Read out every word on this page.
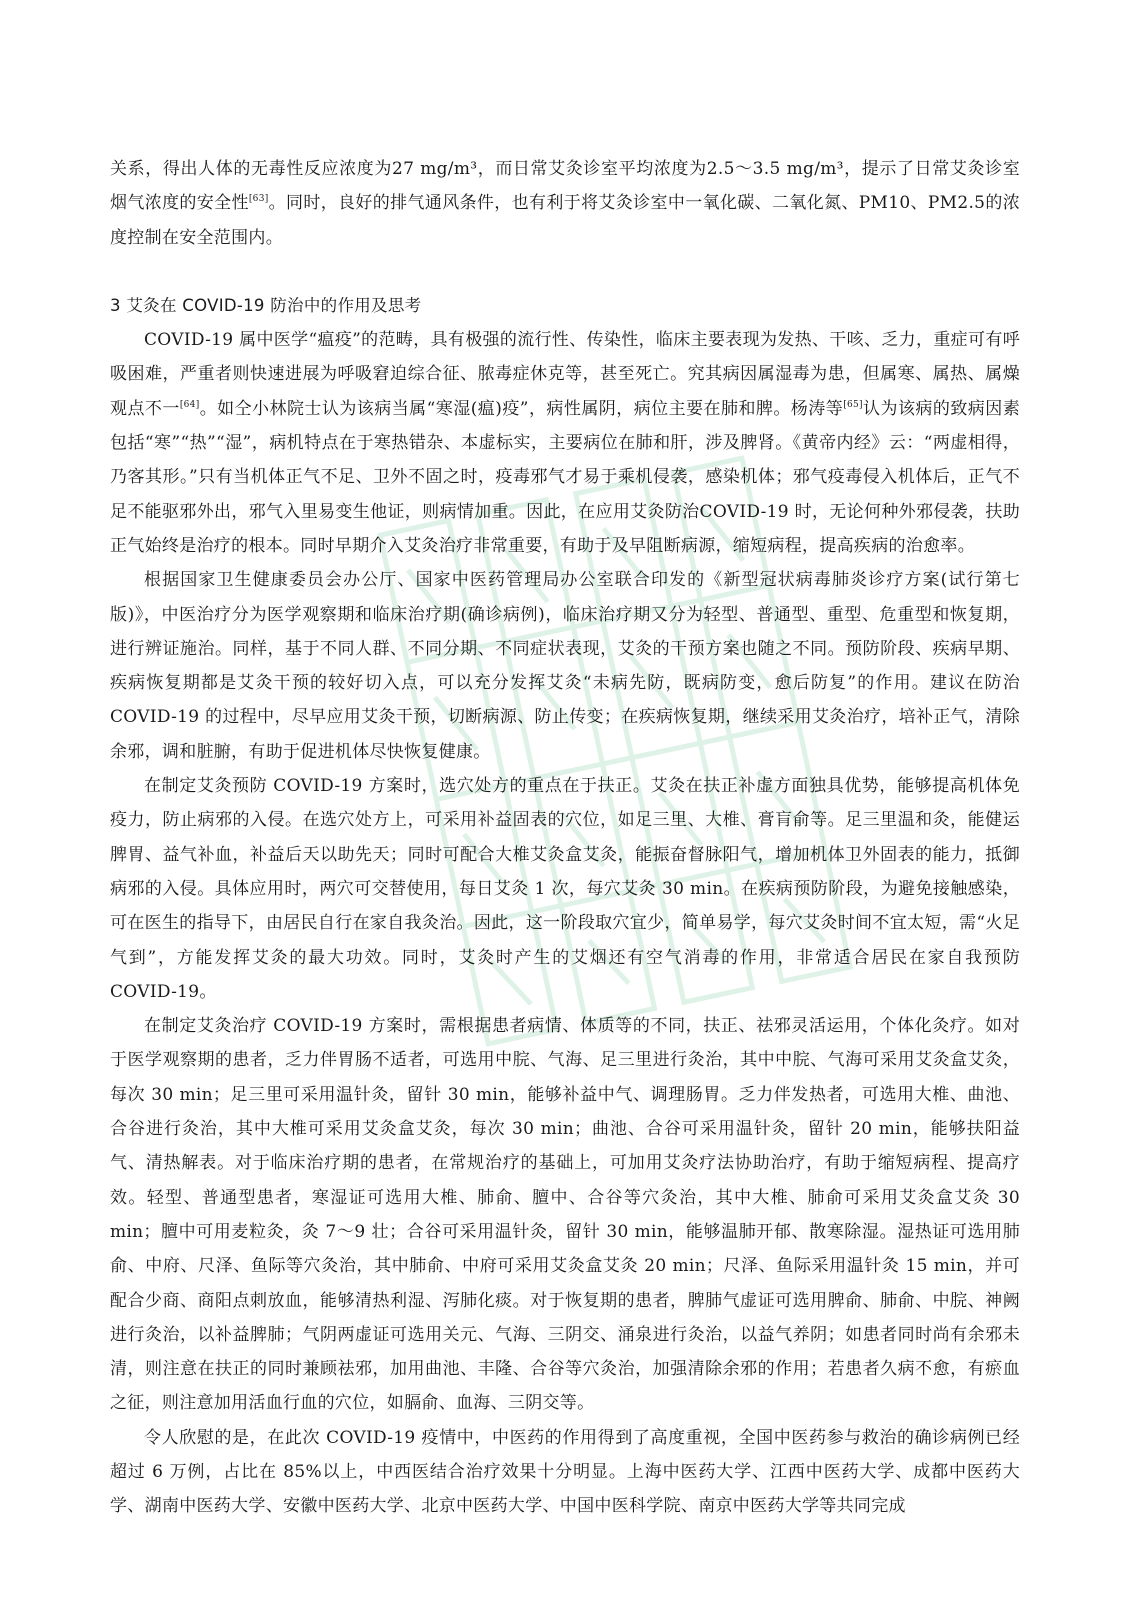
关系，得出人体的无毒性反应浓度为27 mg/m³，而日常艾灸诊室平均浓度为2.5～3.5 mg/m³，提示了日常艾灸诊室烟气浓度的安全性[63]。同时，良好的排气通风条件，也有利于将艾灸诊室中一氧化碳、二氧化氮、PM10、PM2.5的浓度控制在安全范围内。

3 艾灸在 COVID-19 防治中的作用及思考

COVID-19 属中医学“瘟疫”的范畴，具有极强的流行性、传染性，临床主要表现为发热、干咳、乏力，重症可有呼吸困难，严重者则快速进展为呼吸窘迫综合征、脓毒症休克等，甚至死亡。究其病因属湿毒为患，但属寒、属热、属燥观点不一[64]。如仝小林院士认为该病当属“寒湿(瘟)疫”，病性属阴，病位主要在肺和脾。杨涛等[65]认为该病的致病因素包括“寒”“热”“湿”，病机特点在于寒热错杂、本虚标实，主要病位在肺和肝，涉及脾肾。《黄帝内经》云：“两虚相得，乃客其形。”只有当机体正气不足、卫外不固之时，疫毒邪气才易于乘机侵袭，感染机体；邪气疫毒侵入机体后，正气不足不能驱邪外出，邪气入里易变生他证，则病情加重。因此，在应用艾灸防治COVID-19 时，无论何种外邪侵袭，扶助正气始终是治疗的根本。同时早期介入艾灸治疗非常重要，有助于及早阻断病源，缩短病程，提高疾病的治愈率。

根据国家卫生健康委员会办公厅、国家中医药管理局办公室联合印发的《新型冠状病毒肺炎诊疗方案(试行第七版)》，中医治疗分为医学观察期和临床治疗期(确诊病例)，临床治疗期又分为轻型、普通型、重型、危重型和恢复期，进行辨证施治。同样，基于不同人群、不同分期、不同症状表现，艾灸的干预方案也随之不同。预防阶段、疾病早期、疾病恢复期都是艾灸干预的较好切入点，可以充分发挥艾灸“未病先防，既病防变，愈后防复”的作用。建议在防治 COVID-19 的过程中，尽早应用艾灸干预，切断病源、防止传变；在疾病恢复期，继续采用艾灸治疗，培补正气，清除余邪，调和脏腑，有助于促进机体尽快恢复健康。

在制定艾灸预防 COVID-19 方案时，选穴处方的重点在于扶正。艾灸在扶正补虚方面独具优势，能够提高机体免疫力，防止病邪的入侵。在选穴处方上，可采用补益固表的穴位，如足三里、大椎、膏肓俞等。足三里温和灸，能健运脾胃、益气补血，补益后天以助先天；同时可配合大椎艾灸盒艾灸，能振奋督脉阳气，增加机体卫外固表的能力，抵御病邪的入侵。具体应用时，两穴可交替使用，每日艾灸 1 次，每穴艾灸 30 min。在疾病预防阶段，为避免接触感染，可在医生的指导下，由居民自行在家自我灸治。因此，这一阶段取穴宜少，简单易学，每穴艾灸时间不宜太短，需“火足气到”，方能发挥艾灸的最大功效。同时，艾灸时产生的艾烟还有空气消毒的作用，非常适合居民在家自我预防 COVID-19。

在制定艾灸治疗 COVID-19 方案时，需根据患者病情、体质等的不同，扶正、祛邪灵活运用，个体化灸疗。如对于医学观察期的患者，乏力伴胃肠不适者，可选用中脘、气海、足三里进行灸治，其中中脘、气海可采用艾灸盒艾灸，每次 30 min；足三里可采用温针灸，留针 30 min，能够补益中气、调理肠胃。乏力伴发热者，可选用大椎、曲池、合谷进行灸治，其中大椎可采用艾灸盒艾灸，每次 30 min；曲池、合谷可采用温针灸，留针 20 min，能够扶阳益气、清热解表。对于临床治疗期的患者，在常规治疗的基础上，可加用艾灸疗法协助治疗，有助于缩短病程、提高疗效。轻型、普通型患者，寒湿证可选用大椎、肺俞、膻中、合谷等穴灸治，其中大椎、肺俞可采用艾灸盒艾灸 30 min；膻中可用麦粒灸，灸 7～9 壮；合谷可采用温针灸，留针 30 min，能够温肺开郁、散寒除湿。湿热证可选用肺俞、中府、尺泽、鱼际等穴灸治，其中肺俞、中府可采用艾灸盒艾灸 20 min；尺泽、鱼际采用温针灸 15 min，并可配合少商、商阳点刺放血，能够清热利湿、泻肺化痰。对于恢复期的患者，脾肺气虚证可选用脾俞、肺俞、中脘、神阙进行灸治，以补益脾肺；气阴两虚证可选用关元、气海、三阴交、涌泉进行灸治，以益气养阴；如患者同时尚有余邪未清，则注意在扶正的同时兼顾祛邪，加用曲池、丰隆、合谷等穴灸治，加强清除余邪的作用；若患者久病不愈，有瘀血之征，则注意加用活血行血的穴位，如膈俞、血海、三阴交等。

令人欣慰的是，在此次 COVID-19 疫情中，中医药的作用得到了高度重视，全国中医药参与救治的确诊病例已经超过 6 万例，占比在 85%以上，中西医结合治疗效果十分明显。上海中医药大学、江西中医药大学、成都中医药大学、湖南中医药大学、安徽中医药大学、北京中医药大学、中国中医科学院、南京中医药大学等共同完成
